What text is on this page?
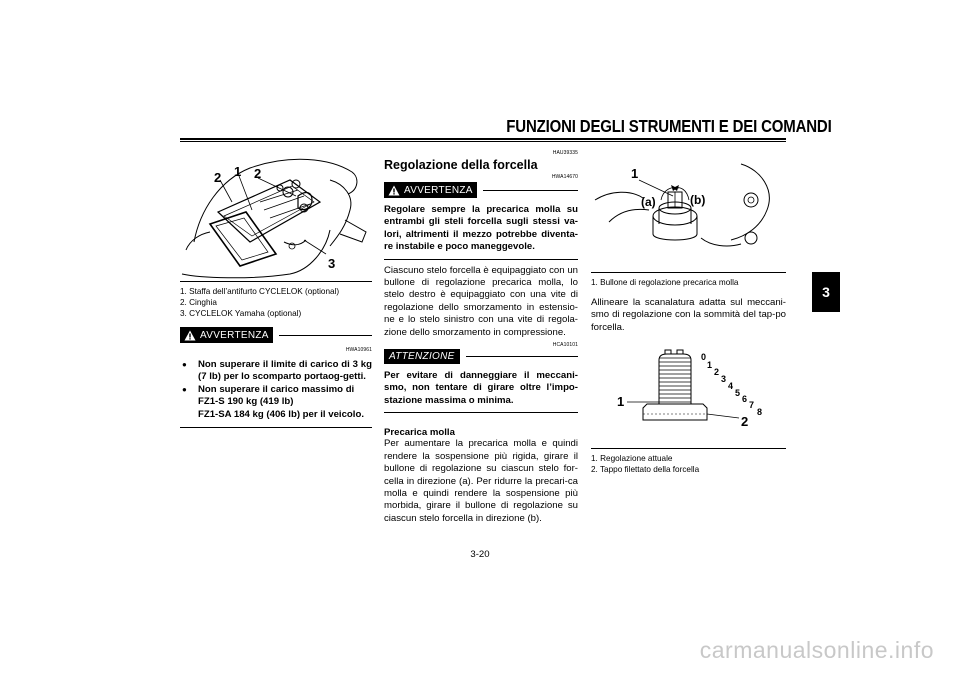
FUNZIONI DEGLI STRUMENTI E DEI COMANDI
3
2 1 2
3
1. Staffa dell’antifurto CYCLELOK (optional)
2. Cinghia
3. CYCLELOK Yamaha (optional)
AVVERTENZA
HWA10961
● Non superare il limite di carico di 3 kg (7 lb) per lo scomparto portaog-getti.
● Non superare il carico massimo di
FZ1-S 190 kg (419 lb)
FZ1-SA 184 kg (406 lb) per il veicolo.
HAU39335
Regolazione della forcella
HWA14670
AVVERTENZA
Regolare sempre la precarica molla su entrambi gli steli forcella sugli stessi va-lori, altrimenti il mezzo potrebbe diventa-re instabile e poco maneggevole.
Ciascuno stelo forcella è equipaggiato con un bullone di regolazione precarica molla, lo stelo destro è equipaggiato con una vite di regolazione dello smorzamento in estensio-ne e lo stelo sinistro con una vite di regola-zione dello smorzamento in compressione.
HCA10101
ATTENZIONE
Per evitare di danneggiare il meccani-smo, non tentare di girare oltre l’impo-stazione massima o minima.
Precarica molla
Per aumentare la precarica molla e quindi rendere la sospensione più rigida, girare il bullone di regolazione su ciascun stelo for-cella in direzione (a). Per ridurre la precari-ca molla e quindi rendere la sospensione più morbida, girare il bullone di regolazione su ciascun stelo forcella in direzione (b).
1
(a)	(b)
1. Bullone di regolazione precarica molla
Allineare la scanalatura adatta sul meccani-smo di regolazione con la sommità del tap-po forcella.
0
1
2
3
4
5
6
7
8
1
2
1. Regolazione attuale
2. Tappo filettato della forcella
3-20
carmanualsonline.info
